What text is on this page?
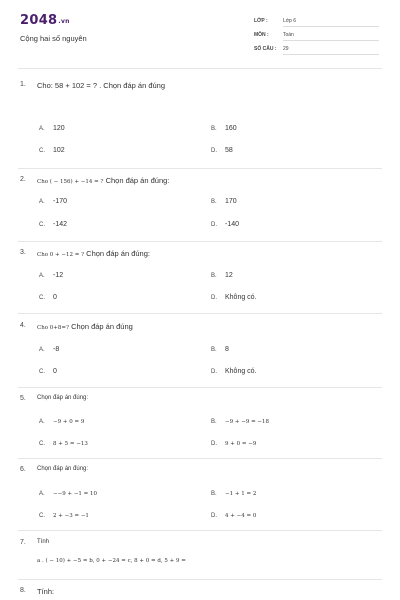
2048.vn
Cộng hai số nguyên
LỚP :	Lớp 6
MÔN :	Toán
SỐ CÂU : 29
1. Cho: 58 + 102 = ? . Chọn đáp án đúng
A. 120	B. 160
C. 102	D. 58
2. Cho ( − 156) + −14 = ? Chọn đáp án đúng:
A. -170	B. 170
C. -142	D. -140
3. Cho 0 + −12 = ? Chọn đáp án đúng:
A. -12	B. 12
C. 0	D. Không có.
4. Cho 0+8=? Chọn đáp án đúng
A. -8	B. 8
C. 0	D. Không có.
5. Chọn đáp án đúng:
A. −9 + 0 = 9	B. −9 + −9 = −18
C. 8 + 5 = −13	D. 9 + 0 = −9
6. Chọn đáp án đúng:
A. −−9 + −1 = 10	B. −1 + 1 = 2
C. 2 + −3 = −1	D. 4 + −4 = 0
7. Tính
a . ( − 10) + −5 = b, 0 + −24 = c, 8 + 0 = d, 5 + 9 =
8. Tính:
